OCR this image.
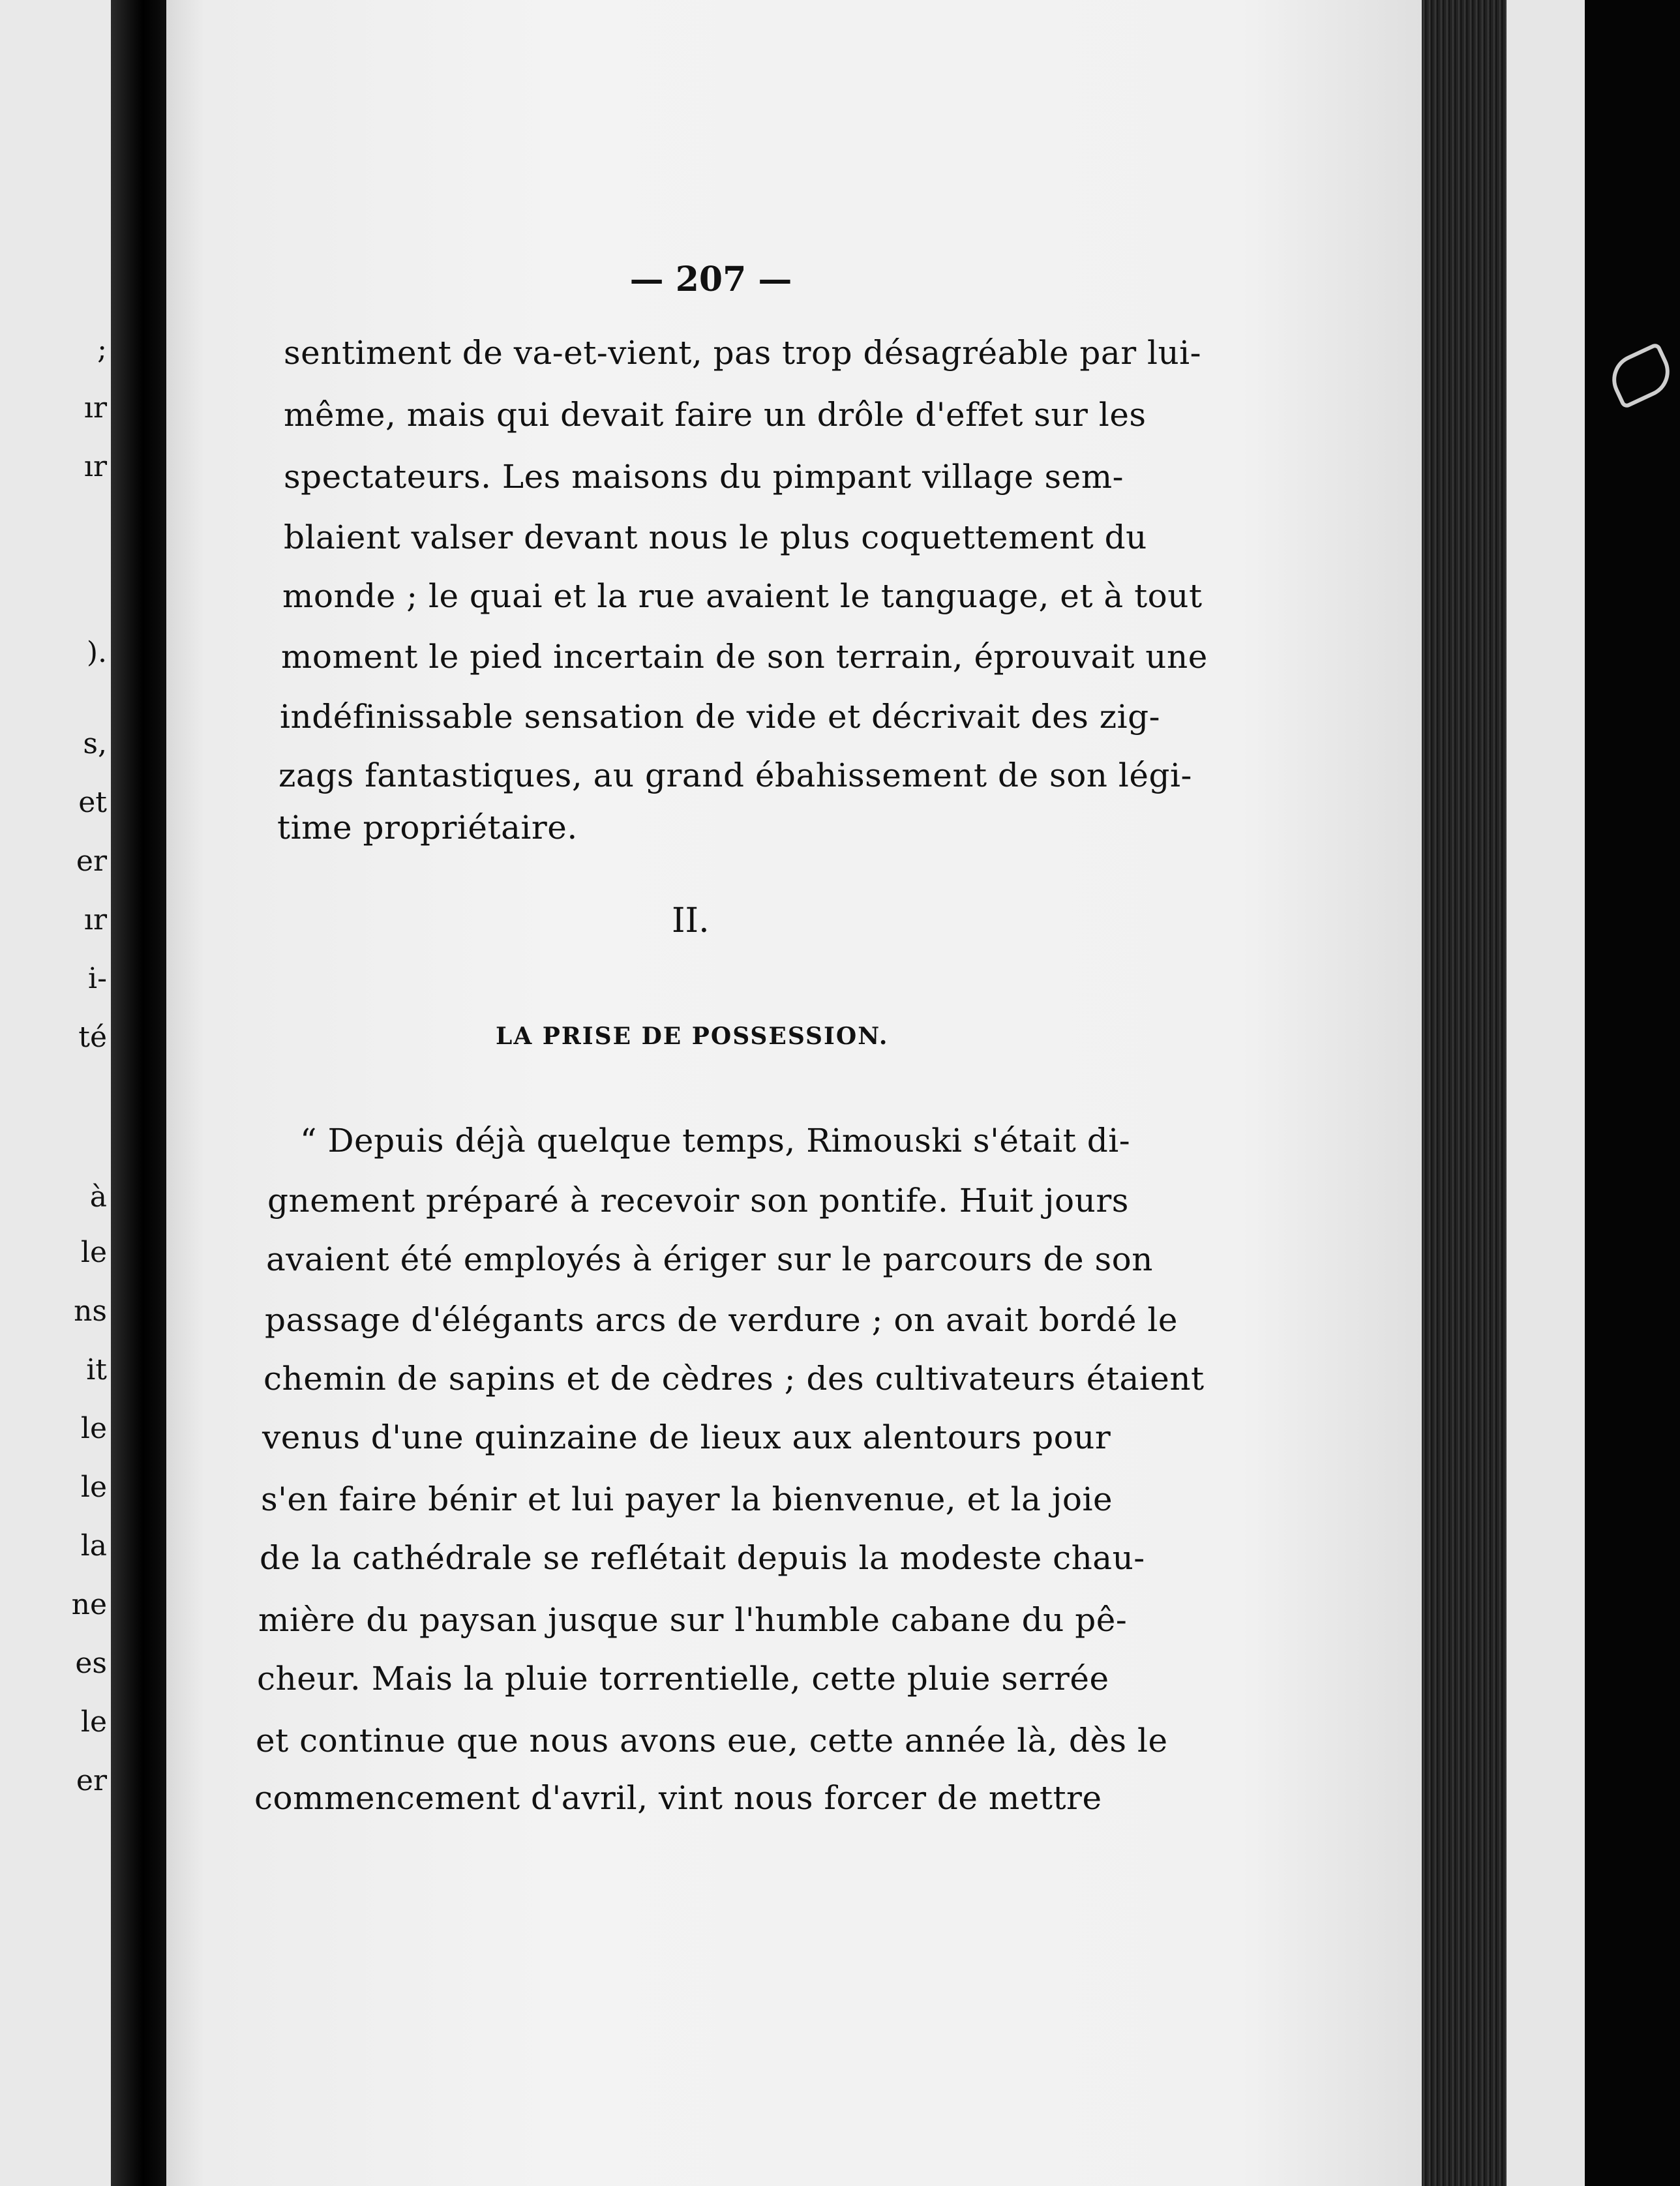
;
ır
ır
).
s,
et
er
ır
i-
té
à
le
ns
it
le
le
la
ne
es
le
er
— 207 —
sentiment de va-et-vient, pas trop désagréable par lui-
même, mais qui devait faire un drôle d'effet sur les
spectateurs. Les maisons du pimpant village sem-
blaient valser devant nous le plus coquettement du
monde ; le quai et la rue avaient le tanguage, et à tout
moment le pied incertain de son terrain, éprouvait une
indéfinissable sensation de vide et décrivait des zig-
zags fantastiques, au grand ébahissement de son légi-
time propriétaire.
II.
LA PRISE DE POSSESSION.
“ Depuis déjà quelque temps, Rimouski s'était di-
gnement préparé à recevoir son pontife. Huit jours
avaient été employés à ériger sur le parcours de son
passage d'élégants arcs de verdure ; on avait bordé le
chemin de sapins et de cèdres ; des cultivateurs étaient
venus d'une quinzaine de lieux aux alentours pour
s'en faire bénir et lui payer la bienvenue, et la joie
de la cathédrale se reflétait depuis la modeste chau-
mière du paysan jusque sur l'humble cabane du pê-
cheur. Mais la pluie torrentielle, cette pluie serrée
et continue que nous avons eue, cette année là, dès le
commencement d'avril, vint nous forcer de mettre
